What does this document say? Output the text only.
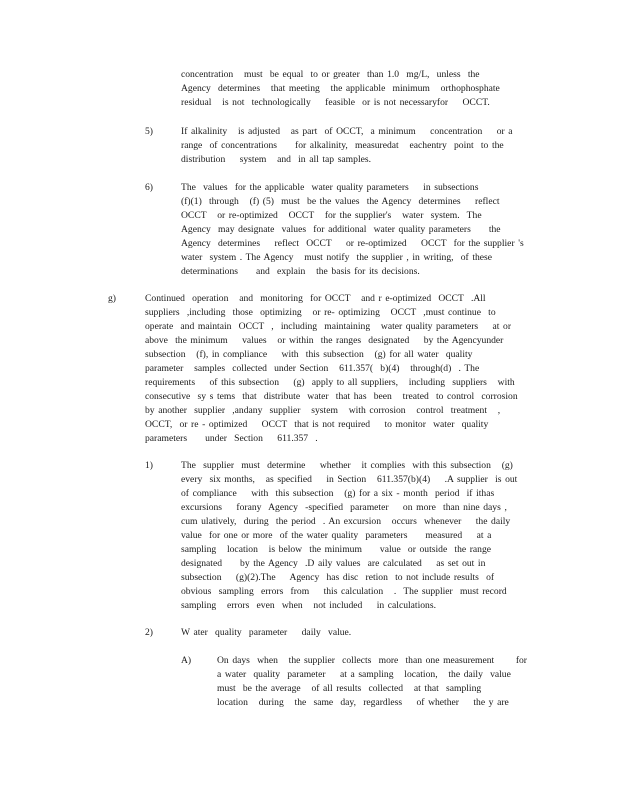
concentration   must  be equal  to or greater  than 1.0  mg/L,  unless  the
Agency  determines   that meeting   the applicable  minimum   orthophosphate
residual   is not  technologically    feasible  or is not necessaryfor    OCCT.
5)	If alkalinity   is adjusted   as part  of OCCT,  a minimum    concentration    or a
range  of concentrations     for alkalinity,  measuredat   eachentry  point  to the
distribution    system   and  in all tap samples.
6)	The  values  for the applicable  water quality parameters    in subsections
(f)(1)  through   (f) (5)  must  be the values  the Agency  determines    reflect
OCCT   or re-optimized   OCCT   for the supplier's   water  system.  The
Agency  may designate  values  for additional  water quality parameters     the
Agency  determines    reflect  OCCT    or re-optimized    OCCT  for the supplier 's
water  system . The Agency   must notify  the supplier , in writing,  of these
determinations     and  explain   the basis for its decisions.
g)	Continued  operation   and  monitoring  for OCCT   and r e-optimized  OCCT  .All
suppliers  ,including  those  optimizing   or re- optimizing   OCCT  ,must continue  to
operate  and maintain  OCCT  ,  including  maintaining   water quality parameters    at or
above  the minimum    values   or within  the ranges  designated    by the Agencyunder
subsection   (f), in compliance    with  this subsection   (g) for all water  quality
parameter   samples  collected  under Section   611.357(  b)(4)   through(d)  . The
requirements    of this subsection    (g)  apply to all suppliers,   including  suppliers   with
consecutive  sy s tems  that  distribute  water  that has  been   treated  to control  corrosion
by another  supplier  ,andany  supplier   system   with corrosion   control  treatment   ,
OCCT,  or re - optimized    OCCT  that is not required    to monitor  water  quality
parameters     under  Section    611.357  .
1)	The  supplier  must  determine    whether   it complies  with this subsection   (g)
every  six months,   as specified    in Section   611.357(b)(4)    .A supplier  is out
of compliance    with  this subsection   (g) for a six - month  period  if ithas
excursions    forany  Agency  -specified  parameter    on more  than nine days ,
cum ulatively,  during  the period  . An excursion   occurs  whenever    the daily
value  for one or more  of the water quality  parameters     measured    at a
sampling   location   is below  the minimum     value  or outside  the range
designated     by the Agency  .D aily values  are calculated    as set out in
subsection    (g)(2).The    Agency  has disc  retion  to not include results  of
obvious  sampling  errors  from    this calculation   .  The supplier  must record
sampling   errors  even  when   not included    in calculations.
2)	W ater  quality  parameter    daily  value.
A)	On days  when   the supplier  collects  more  than one measurement      for
a water  quality  parameter    at a sampling   location,   the daily  value
must  be the average   of all results  collected   at that  sampling
location   during   the  same  day,  regardless    of whether    the y are
